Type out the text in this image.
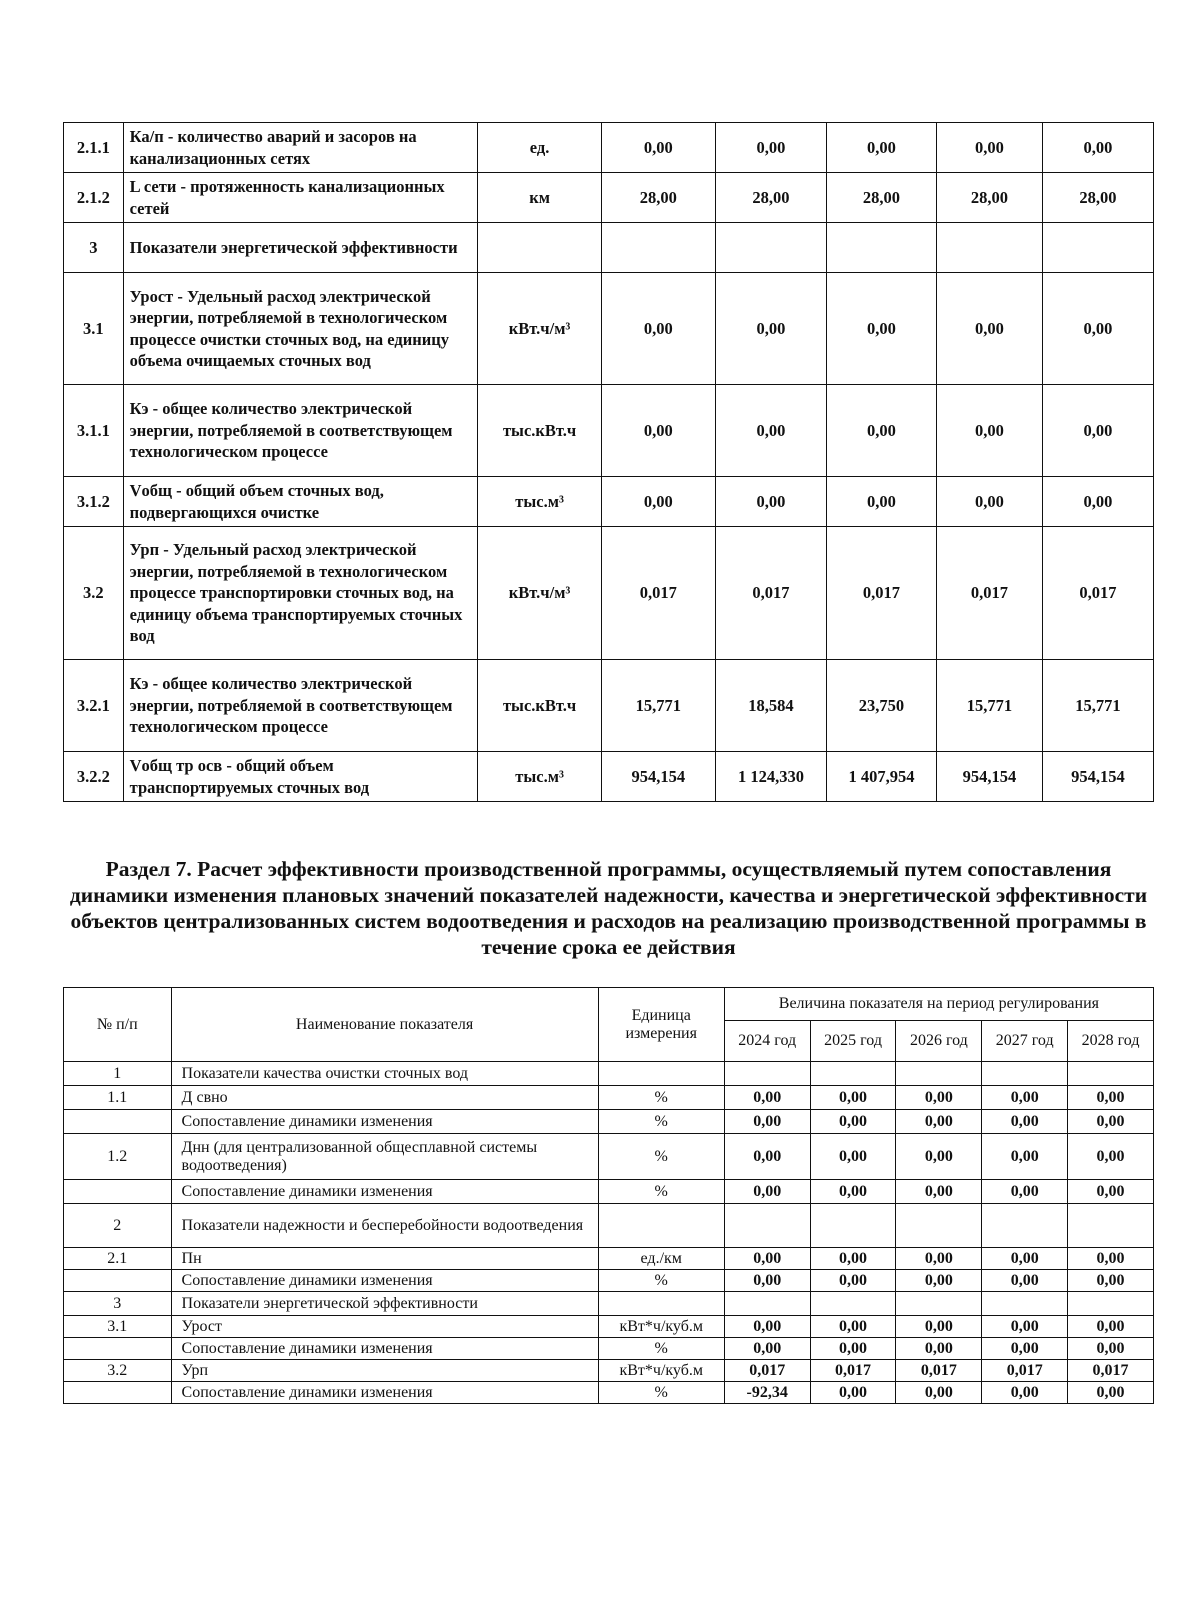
2.1.1	Ка/п - количество аварий и засоров на канализационных сетях	ед.	0,00	0,00	0,00	0,00	0,00
2.1.2	L сети - протяженность канализационных сетей	км	28,00	28,00	28,00	28,00	28,00
3	Показатели энергетической эффективности						
3.1	Урост - Удельный расход электрической энергии, потребляемой в технологическом процессе очистки сточных вод, на единицу объема очищаемых сточных вод	кВт.ч/м³	0,00	0,00	0,00	0,00	0,00
3.1.1	Кэ - общее количество электрической энергии, потребляемой в соответствующем технологическом процессе	тыс.кВт.ч	0,00	0,00	0,00	0,00	0,00
3.1.2	Vобщ - общий объем сточных вод, подвергающихся очистке	тыс.м³	0,00	0,00	0,00	0,00	0,00
3.2	Урп - Удельный расход электрической энергии, потребляемой в технологическом процессе транспортировки сточных вод, на единицу объема транспортируемых сточных вод	кВт.ч/м³	0,017	0,017	0,017	0,017	0,017
3.2.1	Кэ - общее количество электрической энергии, потребляемой в соответствующем технологическом процессе	тыс.кВт.ч	15,771	18,584	23,750	15,771	15,771
3.2.2	Vобщ тр осв - общий объем транспортируемых сточных вод	тыс.м³	954,154	1 124,330	1 407,954	954,154	954,154
Раздел 7. Расчет эффективности производственной программы, осуществляемый путем сопоставления динамики изменения плановых значений показателей надежности, качества и энергетической эффективности объектов централизованных систем водоотведения и расходов на реализацию производственной программы в течение срока ее действия
№ п/п	Наименование показателя	Единица измерения	Величина показателя на период регулирования				
			2024 год	2025 год	2026 год	2027 год	2028 год
1	Показатели качества очистки сточных вод						
1.1	Д свно	%	0,00	0,00	0,00	0,00	0,00
	Сопоставление динамики изменения	%	0,00	0,00	0,00	0,00	0,00
1.2	Днн (для централизованной общесплавной системы водоотведения)	%	0,00	0,00	0,00	0,00	0,00
	Сопоставление динамики изменения	%	0,00	0,00	0,00	0,00	0,00
2	Показатели надежности и бесперебойности водоотведения						
2.1	Пн	ед./км	0,00	0,00	0,00	0,00	0,00
	Сопоставление динамики изменения	%	0,00	0,00	0,00	0,00	0,00
3	Показатели энергетической эффективности						
3.1	Урост	кВт*ч/куб.м	0,00	0,00	0,00	0,00	0,00
	Сопоставление динамики изменения	%	0,00	0,00	0,00	0,00	0,00
3.2	Урп	кВт*ч/куб.м	0,017	0,017	0,017	0,017	0,017
	Сопоставление динамики изменения	%	-92,34	0,00	0,00	0,00	0,00
